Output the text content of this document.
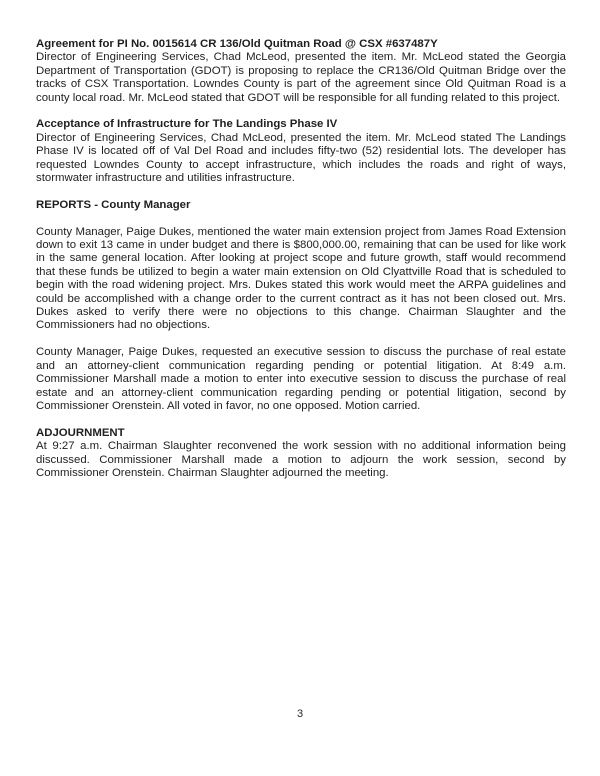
Agreement for PI No. 0015614 CR 136/Old Quitman Road @ CSX #637487Y
Director of Engineering Services, Chad McLeod, presented the item. Mr. McLeod stated the Georgia Department of Transportation (GDOT) is proposing to replace the CR136/Old Quitman Bridge over the tracks of CSX Transportation. Lowndes County is part of the agreement since Old Quitman Road is a county local road. Mr. McLeod stated that GDOT will be responsible for all funding related to this project.
Acceptance of Infrastructure for The Landings Phase IV
Director of Engineering Services, Chad McLeod, presented the item. Mr. McLeod stated The Landings Phase IV is located off of Val Del Road and includes fifty-two (52) residential lots. The developer has requested Lowndes County to accept infrastructure, which includes the roads and right of ways, stormwater infrastructure and utilities infrastructure.
REPORTS - County Manager
County Manager, Paige Dukes, mentioned the water main extension project from James Road Extension down to exit 13 came in under budget and there is $800,000.00, remaining that can be used for like work in the same general location. After looking at project scope and future growth, staff would recommend that these funds be utilized to begin a water main extension on Old Clyattville Road that is scheduled to begin with the road widening project. Mrs. Dukes stated this work would meet the ARPA guidelines and could be accomplished with a change order to the current contract as it has not been closed out. Mrs. Dukes asked to verify there were no objections to this change. Chairman Slaughter and the Commissioners had no objections.
County Manager, Paige Dukes, requested an executive session to discuss the purchase of real estate and an attorney-client communication regarding pending or potential litigation. At 8:49 a.m. Commissioner Marshall made a motion to enter into executive session to discuss the purchase of real estate and an attorney-client communication regarding pending or potential litigation, second by Commissioner Orenstein. All voted in favor, no one opposed. Motion carried.
ADJOURNMENT
At 9:27 a.m. Chairman Slaughter reconvened the work session with no additional information being discussed. Commissioner Marshall made a motion to adjourn the work session, second by Commissioner Orenstein. Chairman Slaughter adjourned the meeting.
3
